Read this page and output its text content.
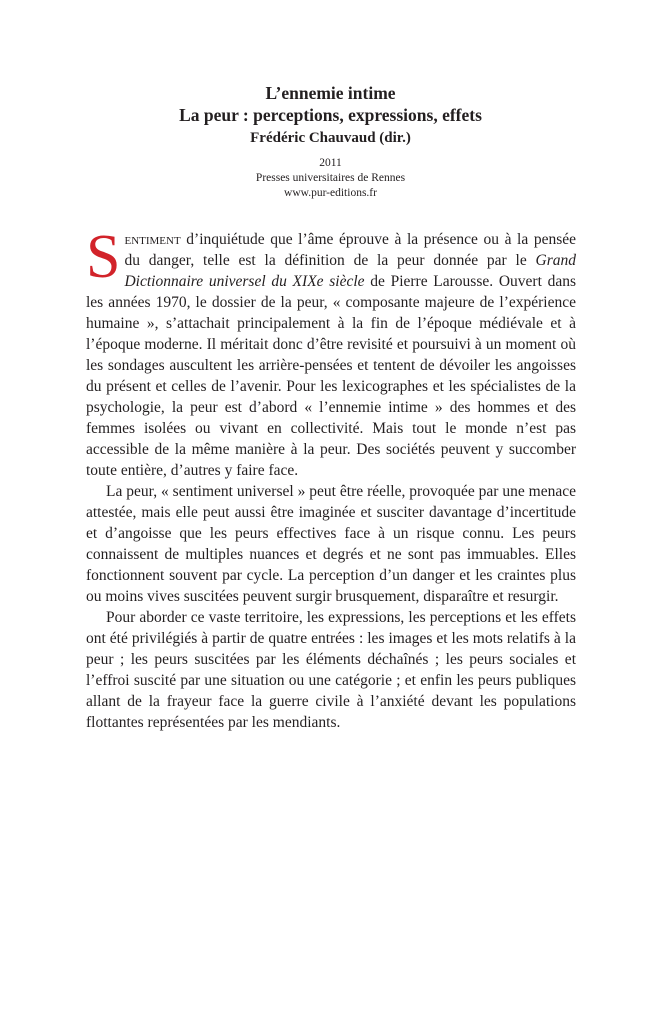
L’ennemie intime
La peur : perceptions, expressions, effets
Frédéric Chauvaud (dir.)
2011
Presses universitaires de Rennes
www.pur-editions.fr

Sentiment d’inquiétude que l’âme éprouve à la présence ou à la pensée du danger, telle est la définition de la peur donnée par le Grand Dictionnaire universel du XIXe siècle de Pierre Larousse. Ouvert dans les années 1970, le dossier de la peur, « composante majeure de l’expérience humaine », s’attachait principalement à la fin de l’époque médiévale et à l’époque moderne. Il méritait donc d’être revisité et poursuivi à un moment où les sondages auscultent les arrière-pensées et tentent de dévoiler les angoisses du présent et celles de l’avenir. Pour les lexicographes et les spécialistes de la psychologie, la peur est d’abord « l’ennemie intime » des hommes et des femmes isolées ou vivant en collectivité. Mais tout le monde n’est pas accessible de la même manière à la peur. Des sociétés peuvent y succomber toute entière, d’autres y faire face.

La peur, « sentiment universel » peut être réelle, provoquée par une menace attestée, mais elle peut aussi être imaginée et susciter davantage d’incertitude et d’angoisse que les peurs effectives face à un risque connu. Les peurs connaissent de multiples nuances et degrés et ne sont pas immuables. Elles fonctionnent souvent par cycle. La perception d’un danger et les craintes plus ou moins vives suscitées peuvent surgir brusquement, disparaître et resurgir.

Pour aborder ce vaste territoire, les expressions, les perceptions et les effets ont été privilégiés à partir de quatre entrées : les images et les mots relatifs à la peur ; les peurs suscitées par les éléments déchaînés ; les peurs sociales et l’effroi suscité par une situation ou une catégorie ; et enfin les peurs publiques allant de la frayeur face la guerre civile à l’anxiété devant les populations flottantes représentées par les mendiants.
